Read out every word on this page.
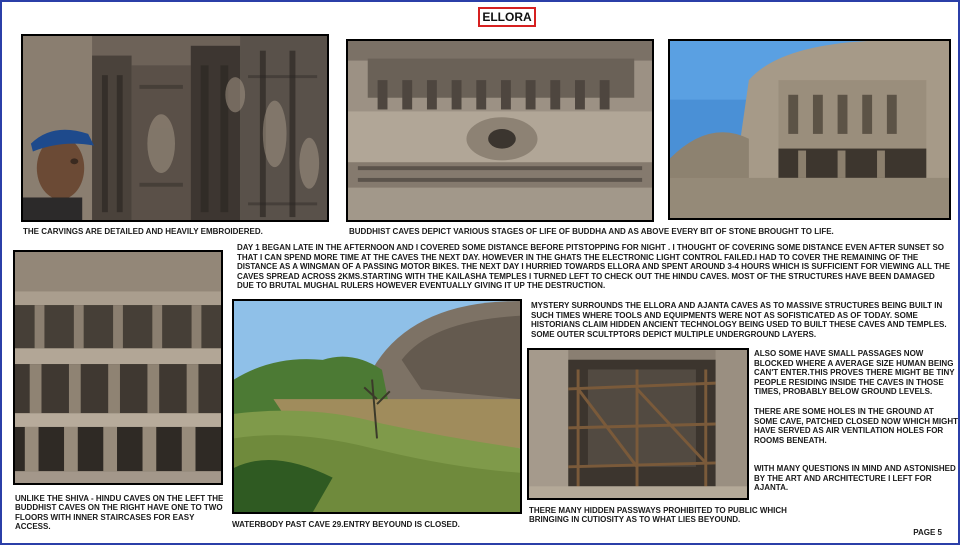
ELLORA

THE CARVINGS ARE DETAILED AND HEAVILY EMBROIDERED.	BUDDHIST CAVES DEPICT VARIOUS STAGES OF LIFE OF BUDDHA AND AS ABOVE EVERY BIT OF STONE BROUGHT TO LIFE.

DAY 1 BEGAN LATE IN THE AFTERNOON AND I COVERED SOME DISTANCE BEFORE PITSTOPPING FOR NIGHT . I THOUGHT OF COVERING SOME DISTANCE EVEN AFTER SUNSET SO THAT I CAN SPEND MORE TIME AT THE CAVES THE NEXT DAY. HOWEVER IN THE GHATS THE ELECTRONIC LIGHT CONTROL FAILED.I HAD TO COVER THE REMAINING OF THE DISTANCE AS A WINGMAN OF A PASSING MOTOR BIKES. THE NEXT DAY I HURRIED TOWARDS ELLORA AND SPENT AROUND 3-4 HOURS WHICH IS SUFFICIENT FOR VIEWING ALL THE CAVES SPREAD ACROSS 2KMS.STARTING WITH THE KAILASHA TEMPLES I TURNED LEFT TO CHECK OUT THE HINDU CAVES. MOST OF THE STRUCTURES HAVE BEEN DAMAGED DUE TO BRUTAL MUGHAL RULERS HOWEVER EVENTUALLY GIVING IT UP THE DESTRUCTION.

UNLIKE THE SHIVA - HINDU CAVES ON THE LEFT THE BUDDHIST CAVES ON THE RIGHT HAVE ONE TO TWO FLOORS WITH INNER STAIRCASES FOR EASY ACCESS.	WATERBODY PAST CAVE 29.ENTRY BEYOUND IS CLOSED.

MYSTERY SURROUNDS THE ELLORA AND AJANTA CAVES AS TO MASSIVE STRUCTURES BEING BUILT IN SUCH TIMES WHERE TOOLS AND EQUIPMENTS WERE NOT AS SOFISTICATED AS OF TODAY. SOME HISTORIANS CLAIM HIDDEN ANCIENT TECHNOLOGY BEING USED TO BUILT THESE CAVES AND TEMPLES. SOME OUTER SCULTPTORS DEPICT MULTIPLE UNDERGROUND LAYERS.

ALSO SOME HAVE SMALL PASSAGES NOW BLOCKED WHERE A AVERAGE SIZE HUMAN BEING CAN'T ENTER.THIS PROVES THERE MIGHT BE TINY PEOPLE RESIDING INSIDE THE CAVES IN THOSE TIMES, PROBABLY BELOW GROUND LEVELS.

THERE ARE SOME HOLES IN THE GROUND AT SOME CAVE, PATCHED CLOSED NOW WHICH MIGHT HAVE SERVED AS AIR VENTILATION HOLES FOR ROOMS BENEATH.

WITH MANY QUESTIONS IN MIND AND ASTONISHED BY THE ART AND ARCHITECTURE I LEFT FOR AJANTA.

THERE MANY HIDDEN PASSWAYS PROHIBITED TO PUBLIC WHICH BRINGING IN CUTIOSITY AS TO WHAT LIES BEYOUND.

PAGE 5
